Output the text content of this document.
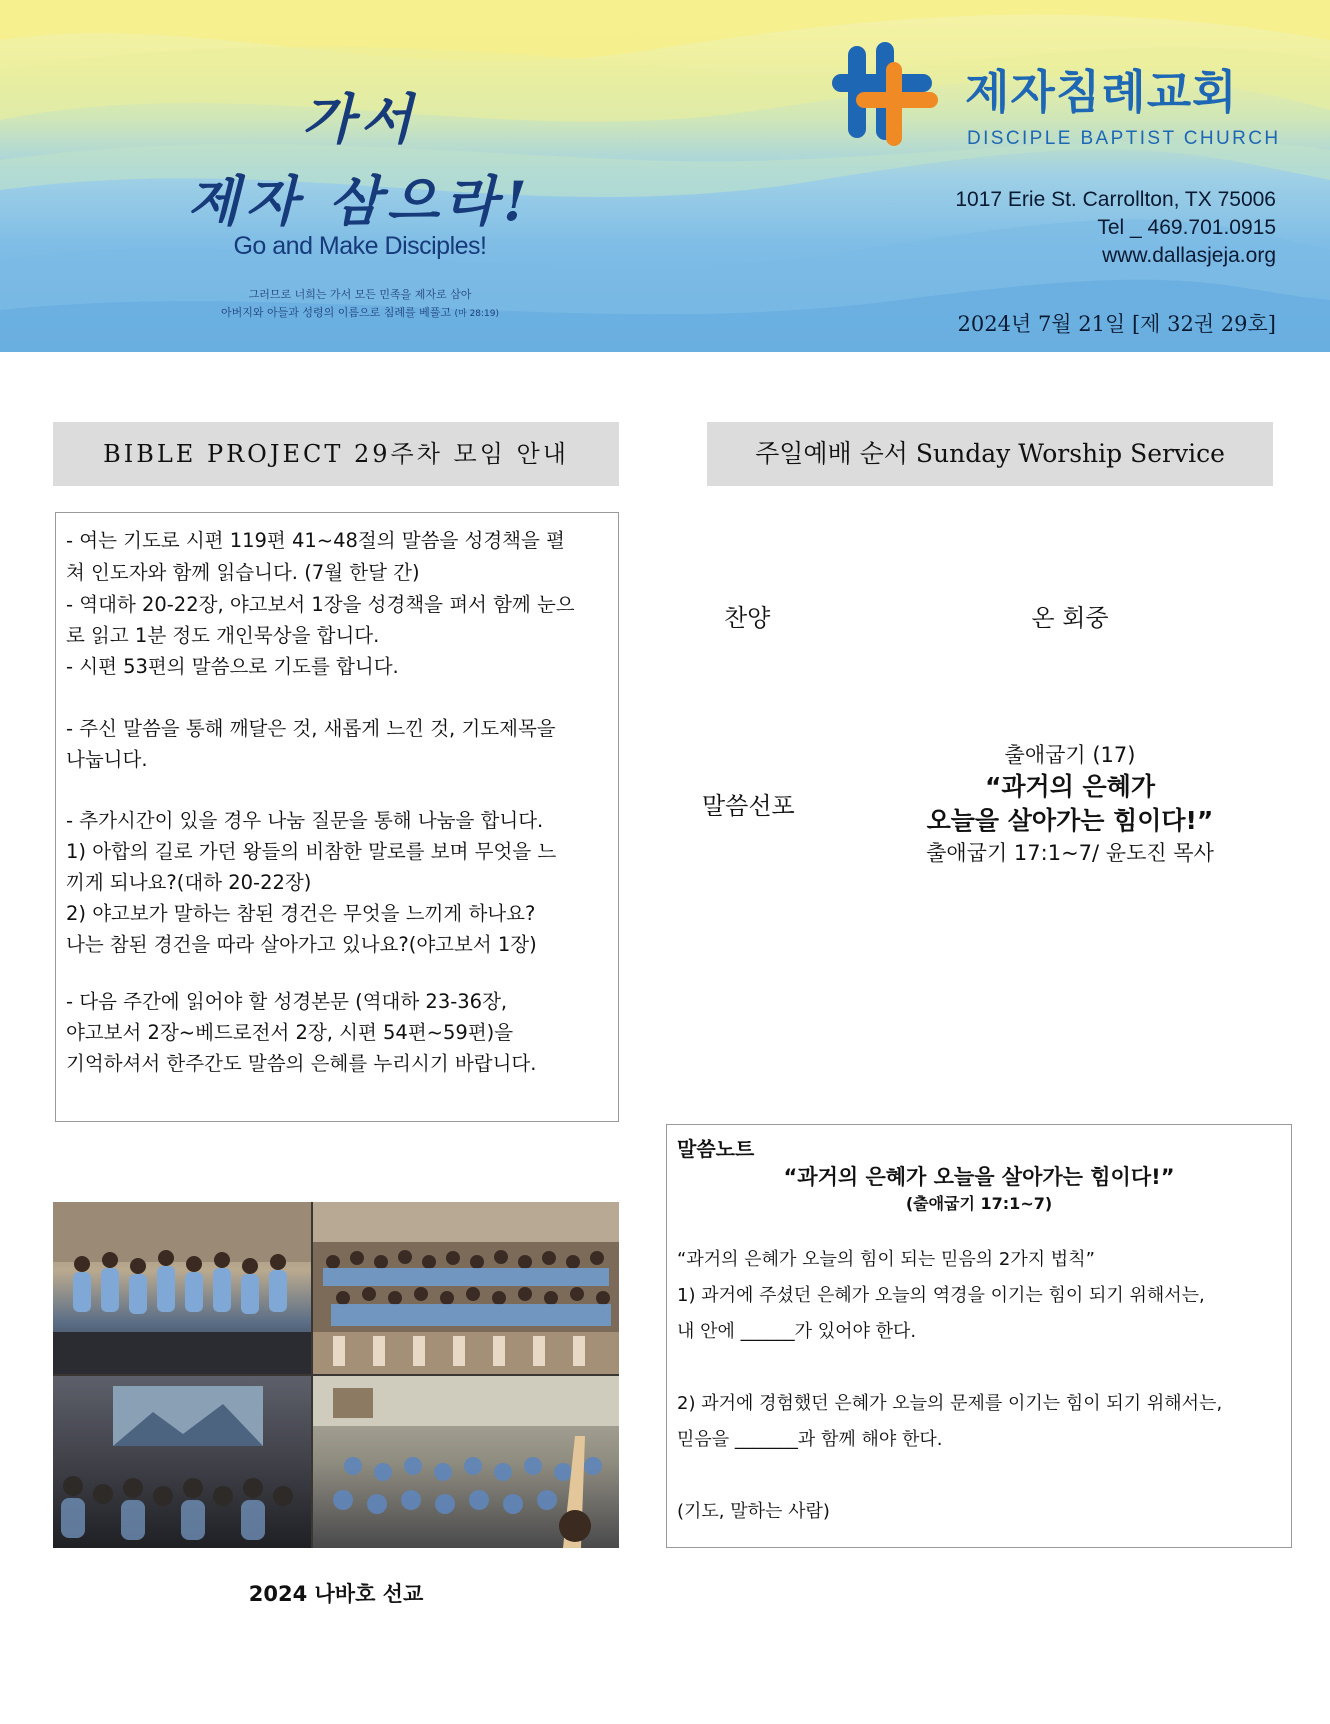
가서
제자 삼으라!
Go and Make Disciples!
그러므로 너희는 가서 모든 민족을 제자로 삼아
아버지와 아들과 성령의 이름으로 침례를 베풀고 (마 28:19)
제자침례교회
DISCIPLE BAPTIST CHURCH
1017 Erie St. Carrollton, TX 75006
Tel _ 469.701.0915
www.dallasjeja.org
2024년 7월 21일 [제 32권 29호]
BIBLE PROJECT 29주차 모임 안내	주일예배 순서 Sunday Worship Service
- 여는 기도로 시편 119편 41~48절의 말씀을 성경책을 펼
쳐 인도자와 함께 읽습니다. (7월 한달 간)
- 역대하 20-22장, 야고보서 1장을 성경책을 펴서 함께 눈으
로 읽고 1분 정도 개인묵상을 합니다.
- 시편 53편의 말씀으로 기도를 합니다.
- 주신 말씀을 통해 깨달은 것, 새롭게 느낀 것, 기도제목을
나눕니다.
- 추가시간이 있을 경우 나눔 질문을 통해 나눔을 합니다.
1) 아합의 길로 가던 왕들의 비참한 말로를 보며 무엇을 느
끼게 되나요?(대하 20-22장)
2) 야고보가 말하는 참된 경건은 무엇을 느끼게 하나요?
나는 참된 경건을 따라 살아가고 있나요?(야고보서 1장)
- 다음 주간에 읽어야 할 성경본문 (역대하 23-36장,
야고보서 2장~베드로전서 2장, 시편 54편~59편)을
기억하셔서 한주간도 말씀의 은혜를 누리시기 바랍니다.
찬양	온 회중
말씀선포
출애굽기 (17)
“과거의 은혜가
오늘을 살아가는 힘이다!”
출애굽기 17:1~7/ 윤도진 목사
말씀노트
“과거의 은혜가 오늘을 살아가는 힘이다!”
(출애굽기 17:1~7)
“과거의 은혜가 오늘의 힘이 되는 믿음의 2가지 법칙”
1) 과거에 주셨던 은혜가 오늘의 역경을 이기는 힘이 되기 위해서는,
내 안에 ______가 있어야 한다.
2) 과거에 경험했던 은혜가 오늘의 문제를 이기는 힘이 되기 위해서는,
믿음을 _______과 함께 해야 한다.
(기도, 말하는 사람)
2024 나바호 선교
